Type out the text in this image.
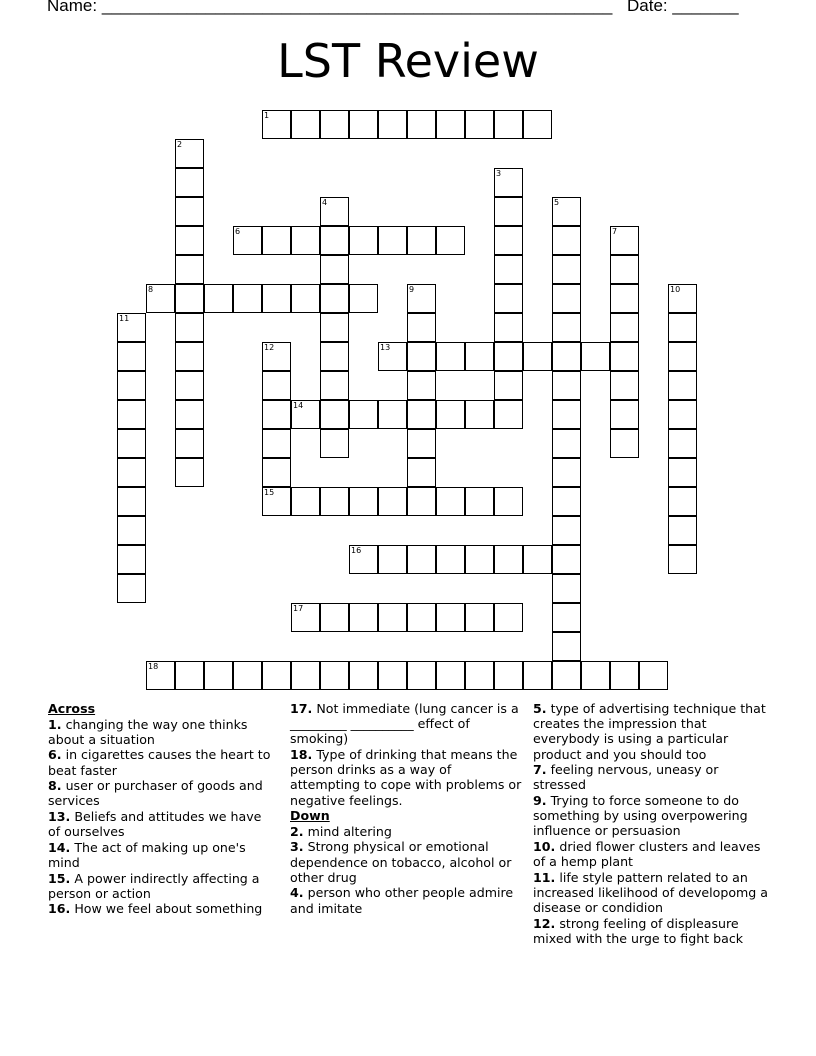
Name: ______________________________________________________ Date: _______
LST Review
1
2
3
4	5
6	7
8	9	10
11
12	13
14
15
16
17
18

Across

1. changing the way one thinks about a situation

6. in cigarettes causes the heart to beat faster

8. user or purchaser of goods and services

13. Beliefs and attitudes we have of ourselves

14. The act of making up one's mind

15. A power indirectly affecting a person or action

16. How we feel about something

17. Not immediate (lung cancer is a _________ __________ effect of smoking)

18. Type of drinking that means the person drinks as a way of attempting to cope with problems or negative feelings.

Down

2. mind altering

3. Strong physical or emotional dependence on tobacco, alcohol or other drug

4. person who other people admire and imitate

5. type of advertising technique that creates the impression that everybody is using a particular product and you should too

7. feeling nervous, uneasy or stressed

9. Trying to force someone to do something by using overpowering influence or persuasion

10. dried flower clusters and leaves of a hemp plant

11. life style pattern related to an increased likelihood of developomg a disease or condidion

12. strong feeling of displeasure mixed with the urge to fight back
